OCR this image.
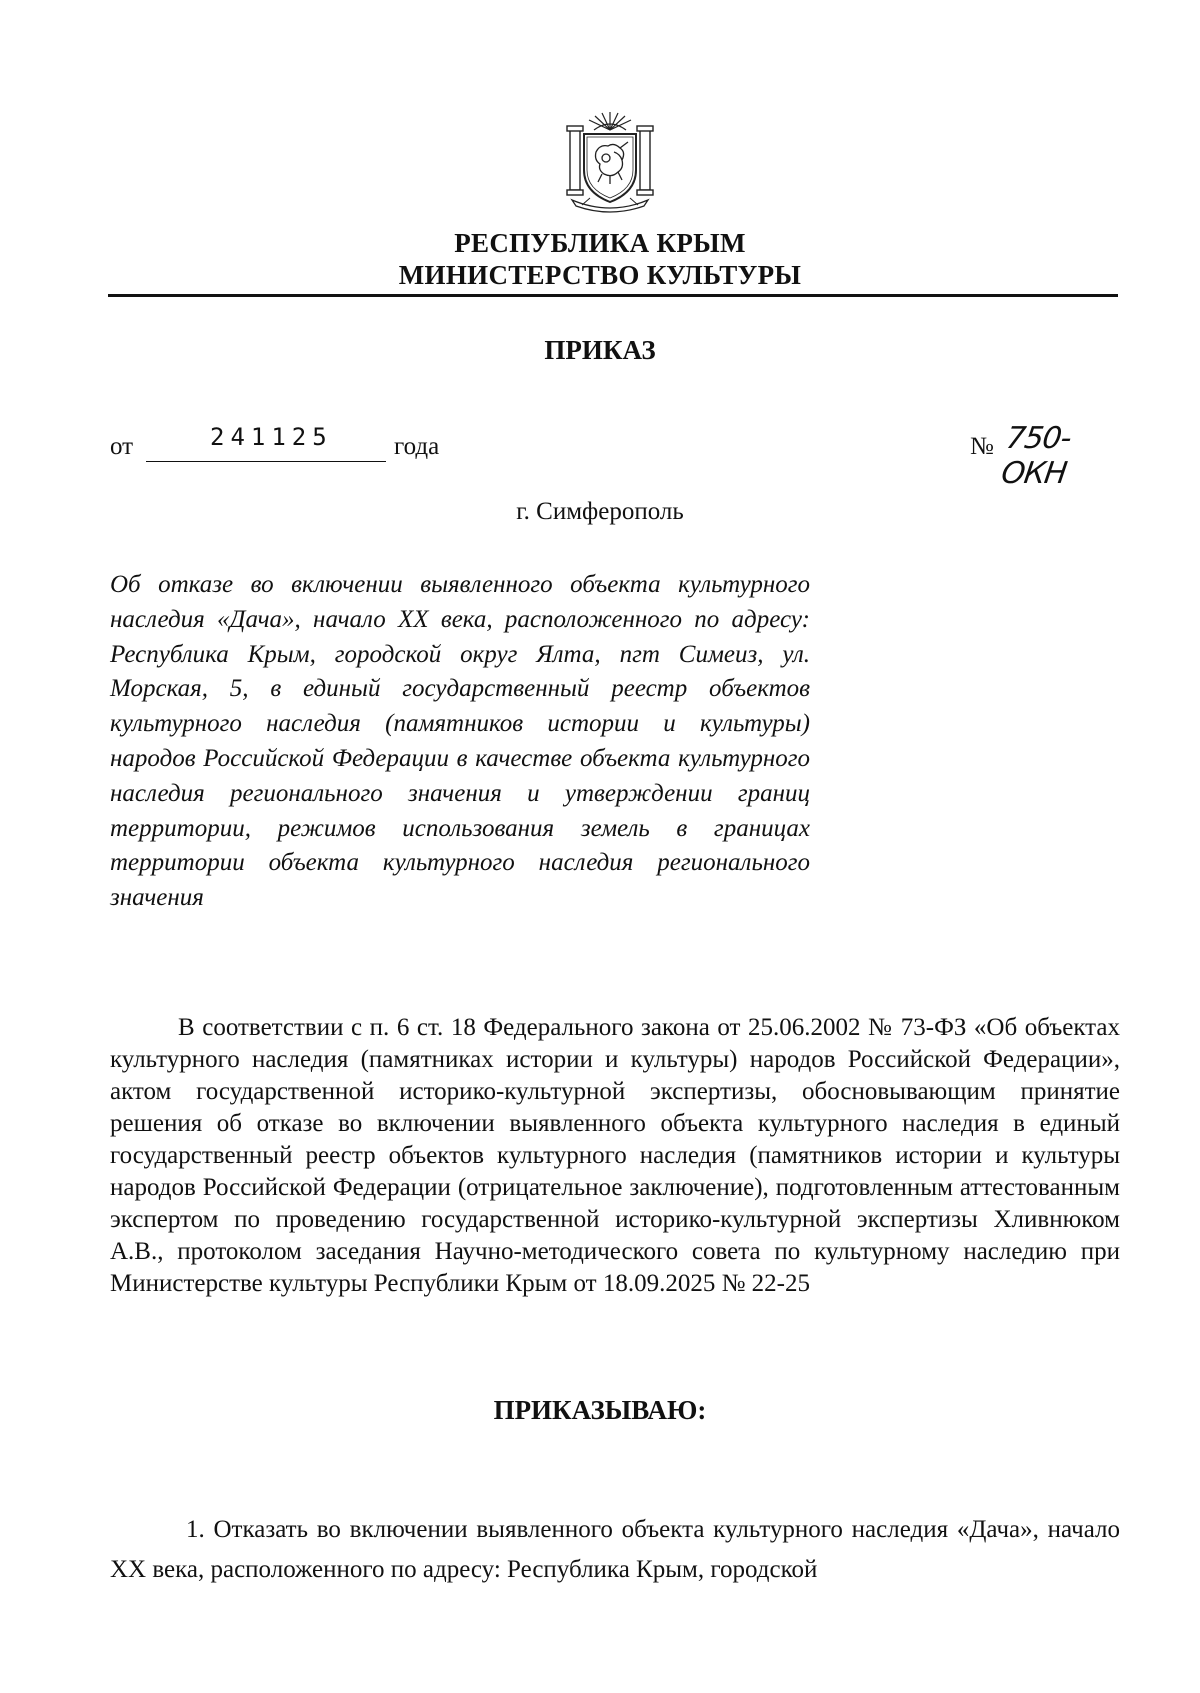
РЕСПУБЛИКА КРЫМ
МИНИСТЕРСТВО КУЛЬТУРЫ
ПРИКАЗ
от	241125 года	№ 750-ОКН
г. Симферополь
Об отказе во включении выявленного объекта культурного наследия «Дача», начало XX века, расположенного по адресу: Республика Крым, городской округ Ялта, пгт Симеиз, ул. Морская, 5, в единый государственный реестр объектов культурного наследия (памятников истории и культуры) народов Российской Федерации в качестве объекта культурного наследия регионального значения и утверждении границ территории, режимов использования земель в границах территории объекта культурного наследия регионального значения
В соответствии с п. 6 ст. 18 Федерального закона от 25.06.2002 № 73-ФЗ «Об объектах культурного наследия (памятниках истории и культуры) народов Российской Федерации», актом государственной историко-культурной экспертизы, обосновывающим принятие решения об отказе во включении выявленного объекта культурного наследия в единый государственный реестр объектов культурного наследия (памятников истории и культуры народов Российской Федерации (отрицательное заключение), подготовленным аттестованным экспертом по проведению государственной историко-культурной экспертизы Хливнюком А.В., протоколом заседания Научно-методического совета по культурному наследию при Министерстве культуры Республики Крым от 18.09.2025 № 22-25
ПРИКАЗЫВАЮ:
1. Отказать во включении выявленного объекта культурного наследия «Дача», начало XX века, расположенного по адресу: Республика Крым, городской
